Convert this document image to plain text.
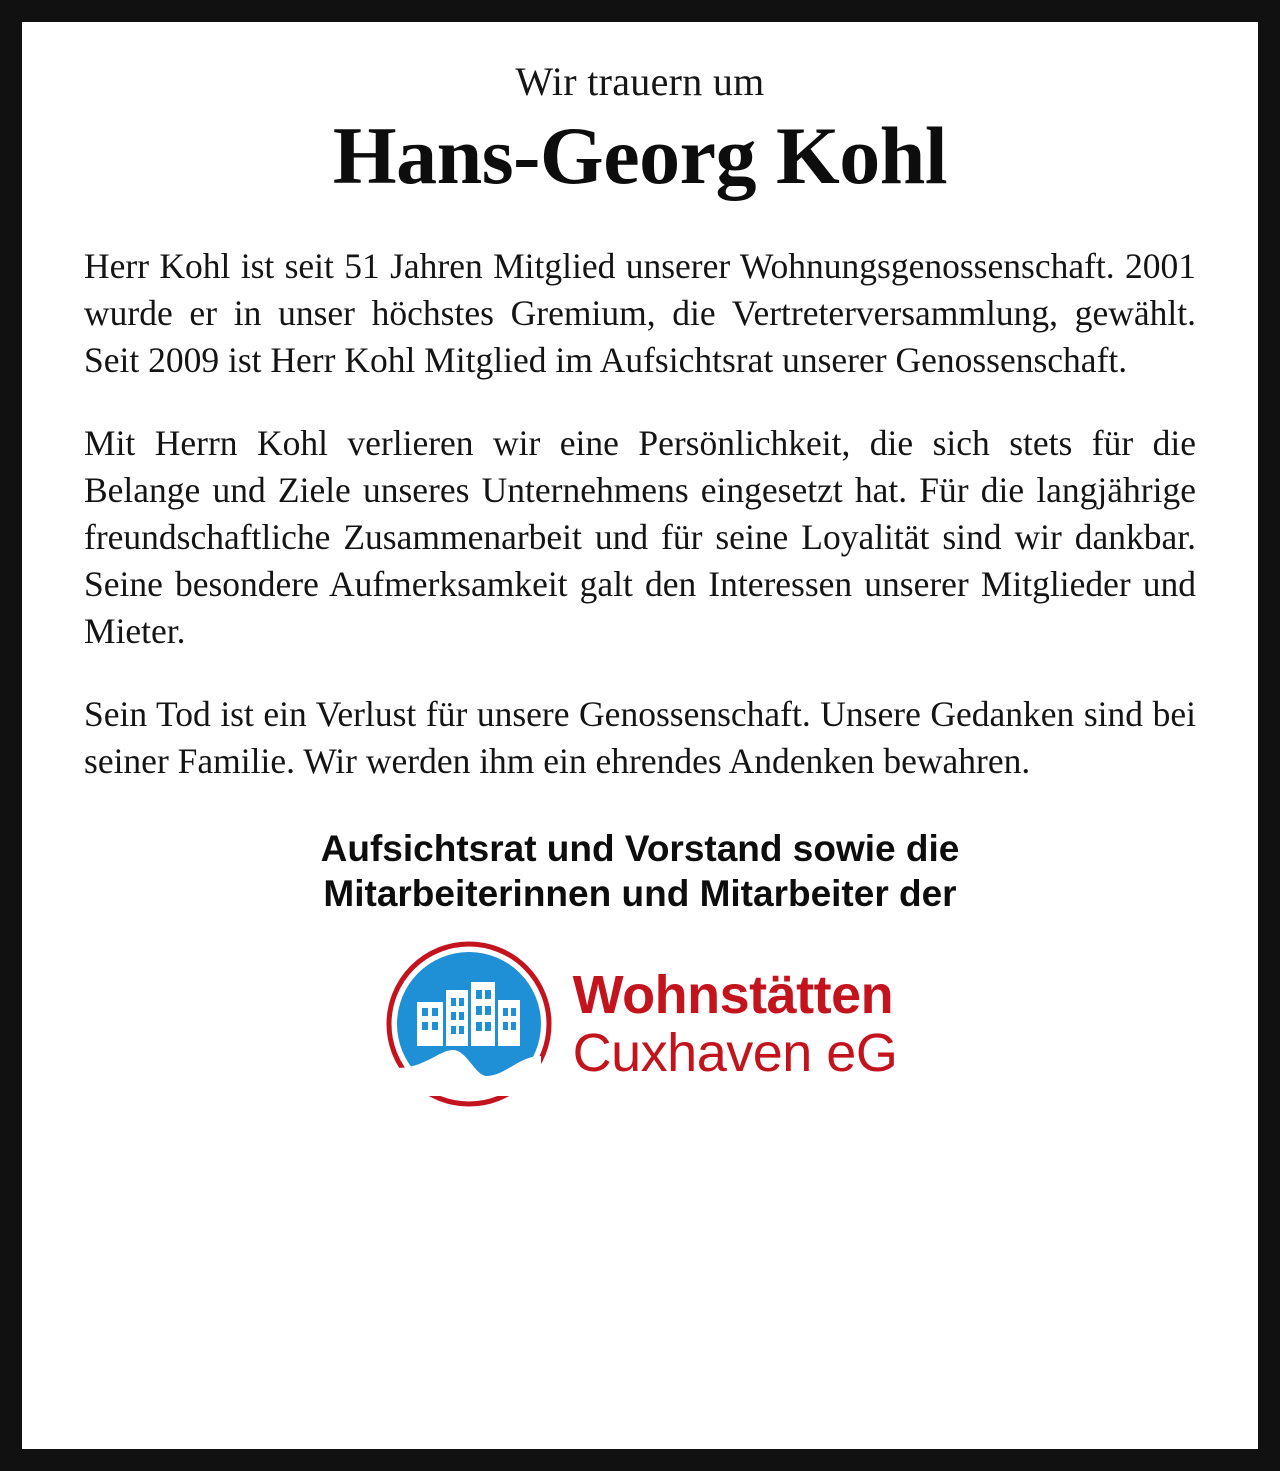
Wir trauern um
Hans-Georg Kohl

Herr Kohl ist seit 51 Jahren Mitglied unserer Wohnungsgenossenschaft. 2001 wurde er in unser höchstes Gremium, die Vertreterversammlung, gewählt. Seit 2009 ist Herr Kohl Mitglied im Aufsichtsrat unserer Genossenschaft.

Mit Herrn Kohl verlieren wir eine Persönlichkeit, die sich stets für die Belange und Ziele unseres Unternehmens eingesetzt hat. Für die langjährige freundschaftliche Zusammenarbeit und für seine Loyalität sind wir dankbar. Seine besondere Aufmerksamkeit galt den Interessen unserer Mitglieder und Mieter.

Sein Tod ist ein Verlust für unsere Genossenschaft. Unsere Gedanken sind bei seiner Familie. Wir werden ihm ein ehrendes Andenken bewahren.

Aufsichtsrat und Vorstand sowie die
Mitarbeiterinnen und Mitarbeiter der
Wohnstätten
Cuxhaven eG
